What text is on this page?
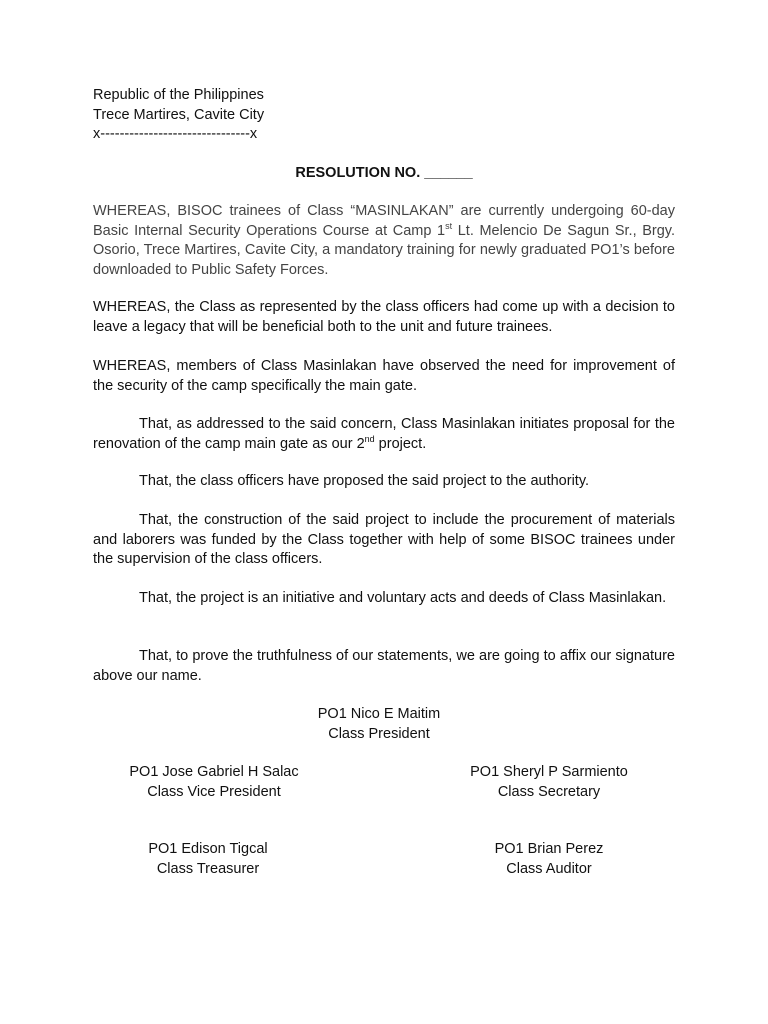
Republic of the Philippines
Trece Martires, Cavite City
x-------------------------------x
RESOLUTION NO. ______
WHEREAS, BISOC trainees of Class “MASINLAKAN” are currently undergoing 60-day Basic Internal Security Operations Course at Camp 1st Lt. Melencio De Sagun Sr., Brgy. Osorio, Trece Martires, Cavite City, a mandatory training for newly graduated PO1’s before downloaded to Public Safety Forces.
WHEREAS, the Class as represented by the class officers had come up with a decision to leave a legacy that will be beneficial both to the unit and future trainees.
WHEREAS, members of Class Masinlakan have observed the need for improvement of the security of the camp specifically the main gate.
That, as addressed to the said concern, Class Masinlakan initiates proposal for the renovation of the camp main gate as our 2nd project.
That, the class officers have proposed the said project to the authority.
That, the construction of the said project to include the procurement of materials and laborers was funded by the Class together with help of some BISOC trainees under the supervision of the class officers.
That, the project is an initiative and voluntary acts and deeds of Class Masinlakan.
That, to prove the truthfulness of our statements, we are going to affix our signature above our name.
PO1 Nico E Maitim
Class President
PO1 Jose Gabriel H Salac
Class Vice President
PO1 Sheryl P Sarmiento
Class Secretary
PO1 Edison Tigcal
Class Treasurer
PO1 Brian Perez
Class Auditor
